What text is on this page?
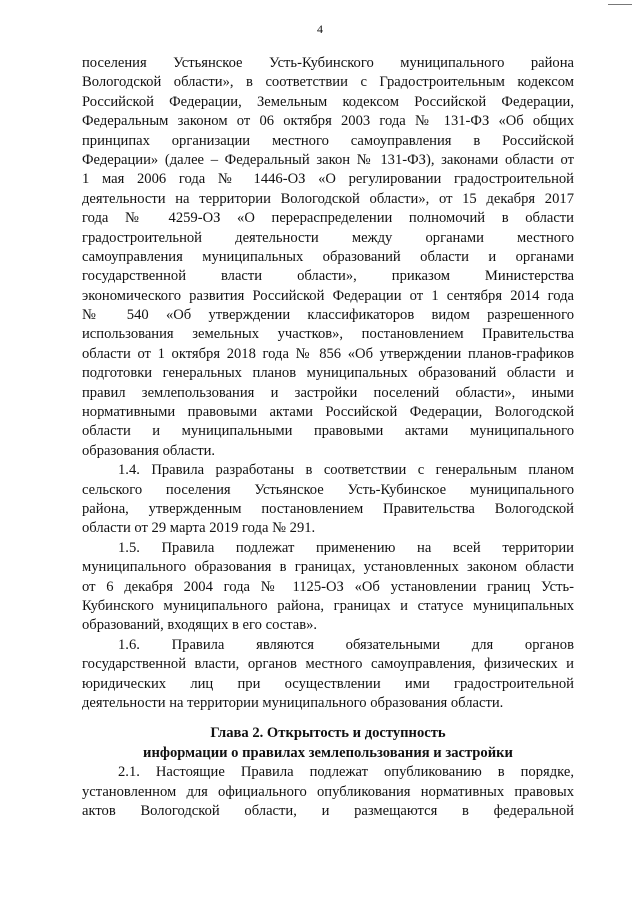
4
поселения Устьянское Усть-Кубинского муниципального района
Вологодской области», в соответствии с Градостроительным кодексом
Российской Федерации, Земельным кодексом Российской Федерации,
Федеральным законом от 06 октября 2003 года № 131-ФЗ «Об общих
принципах организации местного самоуправления в Российской
Федерации» (далее – Федеральный закон № 131-ФЗ), законами области от
1 мая 2006 года № 1446-ОЗ «О регулировании градостроительной
деятельности на территории Вологодской области», от 15 декабря 2017
года № 4259-ОЗ «О перераспределении полномочий в области
градостроительной деятельности между органами местного
самоуправления муниципальных образований области и органами
государственной власти области», приказом Министерства
экономического развития Российской Федерации от 1 сентября 2014 года
№ 540 «Об утверждении классификаторов видом разрешенного
использования земельных участков», постановлением Правительства
области от 1 октября 2018 года № 856 «Об утверждении планов-графиков
подготовки генеральных планов муниципальных образований области и
правил землепользования и застройки поселений области», иными
нормативными правовыми актами Российской Федерации, Вологодской
области и муниципальными правовыми актами муниципального
образования области.
1.4. Правила разработаны в соответствии с генеральным планом
сельского поселения Устьянское Усть-Кубинское муниципального
района, утвержденным постановлением Правительства Вологодской
области от 29 марта 2019 года № 291.
1.5. Правила подлежат применению на всей территории
муниципального образования в границах, установленных законом области
от 6 декабря 2004 года № 1125-ОЗ «Об установлении границ Усть-
Кубинского муниципального района, границах и статусе муниципальных
образований, входящих в его состав».
1.6. Правила являются обязательными для органов
государственной власти, органов местного самоуправления, физических и
юридических лиц при осуществлении ими градостроительной
деятельности на территории муниципального образования области.
Глава 2. Открытость и доступность
информации о правилах землепользования и застройки
2.1. Настоящие Правила подлежат опубликованию в порядке,
установленном для официального опубликования нормативных правовых
актов Вологодской области, и размещаются в федеральной
